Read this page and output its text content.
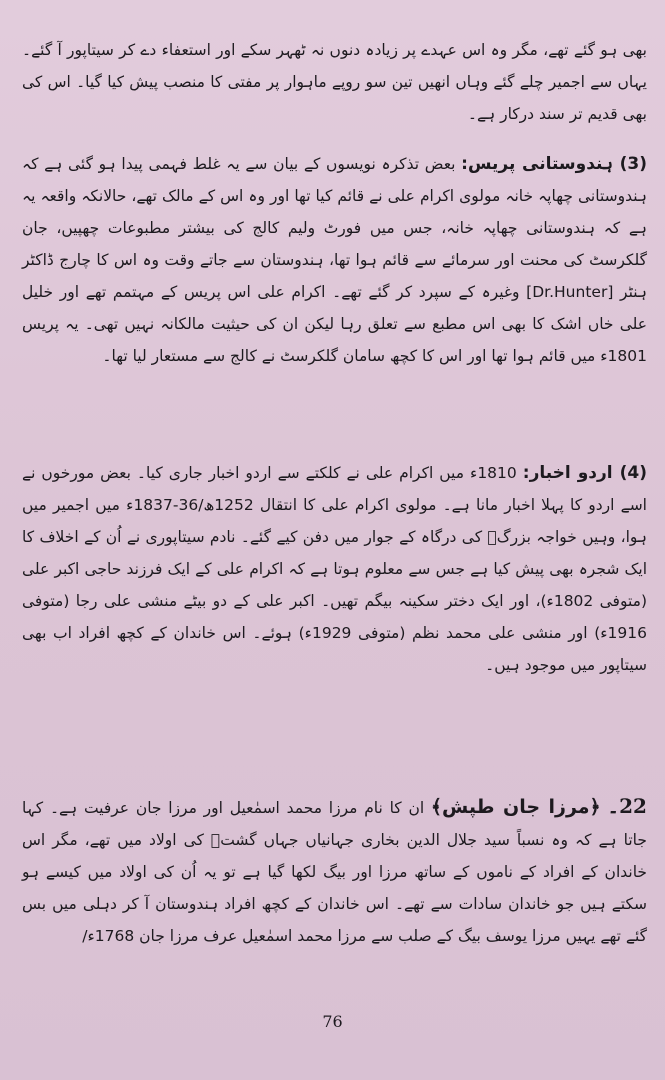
بھی ہو گئے تھے، مگر وہ اس عہدے پر زیادہ دنوں نہ ٹھہر سکے اور استعفاء دے کر سیتاپور آ گئے۔ یہاں سے اجمیر چلے گئے وہاں انھیں تین سو روپے ماہوار پر مفتی کا منصب پیش کیا گیا۔ اس کی بھی قدیم تر سند درکار ہے۔

(3) ہندوستانی پریس: بعض تذکرہ نویسوں کے بیان سے یہ غلط فہمی پیدا ہو گئی ہے کہ ہندوستانی چھاپہ خانہ مولوی اکرام علی نے قائم کیا تھا اور وہ اس کے مالک تھے، حالانکہ واقعہ یہ ہے کہ ہندوستانی چھاپہ خانہ، جس میں فورٹ ولیم کالج کی بیشتر مطبوعات چھپیں، جان گلکرسٹ کی محنت اور سرمائے سے قائم ہوا تھا، ہندوستان سے جاتے وقت وہ اس کا چارج ڈاکٹر ہنٹر [Dr.Hunter] وغیرہ کے سپرد کر گئے تھے۔ اکرام علی اس پریس کے مہتمم تھے اور خلیل علی خاں اشک کا بھی اس مطبع سے تعلق رہا لیکن ان کی حیثیت مالکانہ نہیں تھی۔ یہ پریس 1801ء میں قائم ہوا تھا اور اس کا کچھ سامان گلکرسٹ نے کالج سے مستعار لیا تھا۔

(4) اردو اخبار: 1810ء میں اکرام علی نے کلکتے سے اردو اخبار جاری کیا۔ بعض مورخوں نے اسے اردو کا پہلا اخبار مانا ہے۔ مولوی اکرام علی کا انتقال 1252ھ/36-1837ء میں اجمیر میں ہوا، وہیں خواجہ بزرگؒ کی درگاہ کے جوار میں دفن کیے گئے۔ نادم سیتاپوری نے اُن کے اخلاف کا ایک شجرہ بھی پیش کیا ہے جس سے معلوم ہوتا ہے کہ اکرام علی کے ایک فرزند حاجی اکبر علی (متوفی 1802ء)، اور ایک دختر سکینہ بیگم تھیں۔ اکبر علی کے دو بیٹے منشی علی رجا (متوفی 1916ء) اور منشی علی محمد نظم (متوفی 1929ء) ہوئے۔ اس خاندان کے کچھ افراد اب بھی سیتاپور میں موجود ہیں۔

22۔ ﴿مرزا جان طپش﴾ ان کا نام مرزا محمد اسمٰعیل اور مرزا جان عرفیت ہے۔ کہا جاتا ہے کہ وہ نسباً سید جلال الدین بخاری جہانیاں جہاں گشتؒ کی اولاد میں تھے، مگر اس خاندان کے افراد کے ناموں کے ساتھ مرزا اور بیگ لکھا گیا ہے تو یہ اُن کی اولاد میں کیسے ہو سکتے ہیں جو خاندان سادات سے تھے۔ اس خاندان کے کچھ افراد ہندوستان آ کر دہلی میں بس گئے تھے یہیں مرزا یوسف بیگ کے صلب سے مرزا محمد اسمٰعیل عرف مرزا جان 1768ء/

76
